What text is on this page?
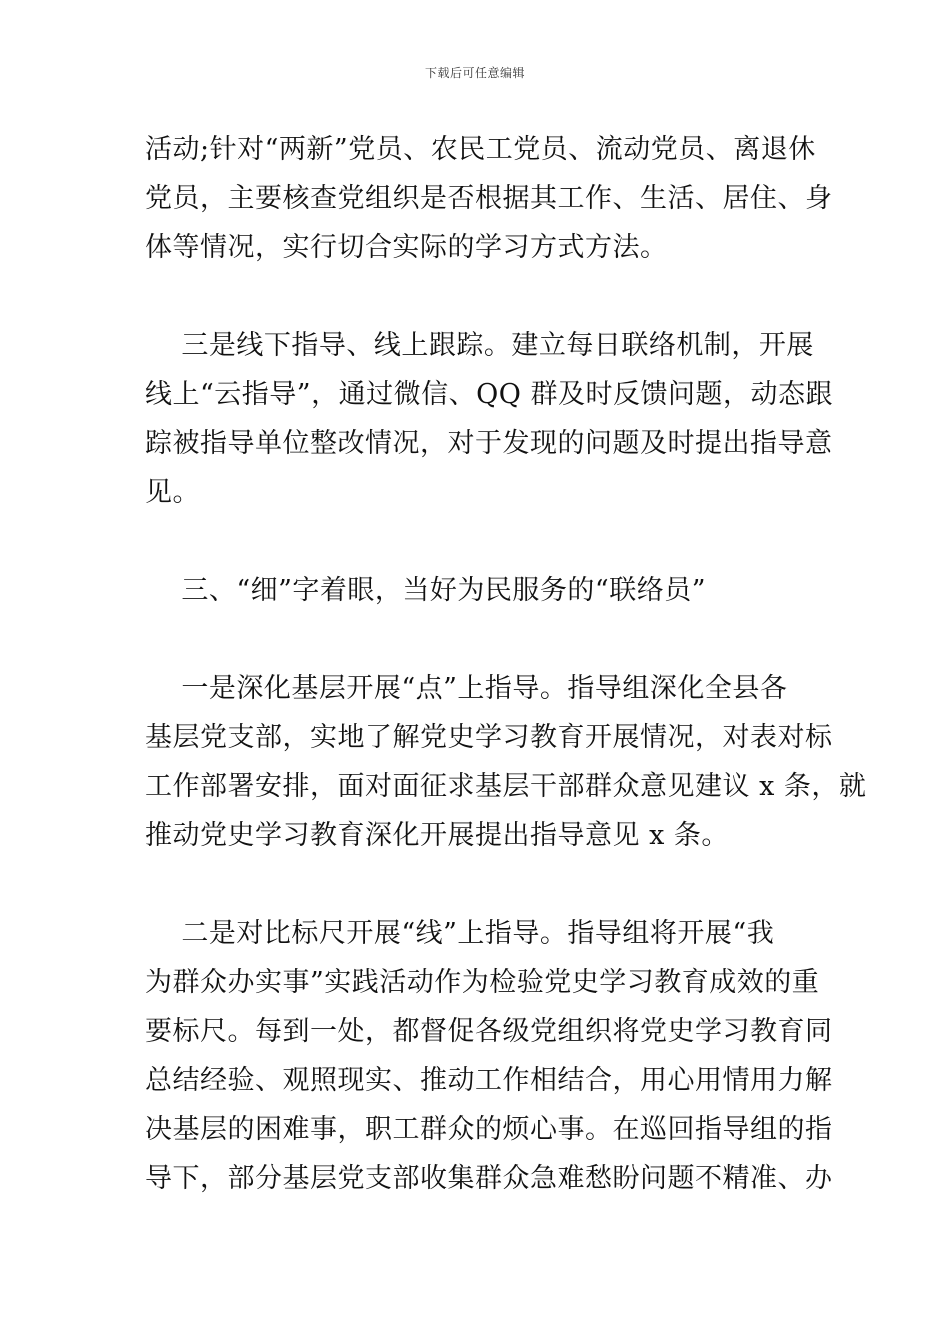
下载后可任意编辑
活动;针对“两新”党员、农民工党员、流动党员、离退休
党员，主要核查党组织是否根据其工作、生活、居住、身
体等情况，实行切合实际的学习方式方法。
三是线下指导、线上跟踪。建立每日联络机制，开展
线上“云指导”，通过微信、QQ 群及时反馈问题，动态跟
踪被指导单位整改情况，对于发现的问题及时提出指导意
见。
三、“细”字着眼，当好为民服务的“联络员”
一是深化基层开展“点”上指导。指导组深化全县各
基层党支部，实地了解党史学习教育开展情况，对表对标
工作部署安排，面对面征求基层干部群众意见建议 x 条，就
推动党史学习教育深化开展提出指导意见 x 条。
二是对比标尺开展“线”上指导。指导组将开展“我
为群众办实事”实践活动作为检验党史学习教育成效的重
要标尺。每到一处，都督促各级党组织将党史学习教育同
总结经验、观照现实、推动工作相结合，用心用情用力解
决基层的困难事，职工群众的烦心事。在巡回指导组的指
导下，部分基层党支部收集群众急难愁盼问题不精准、办
